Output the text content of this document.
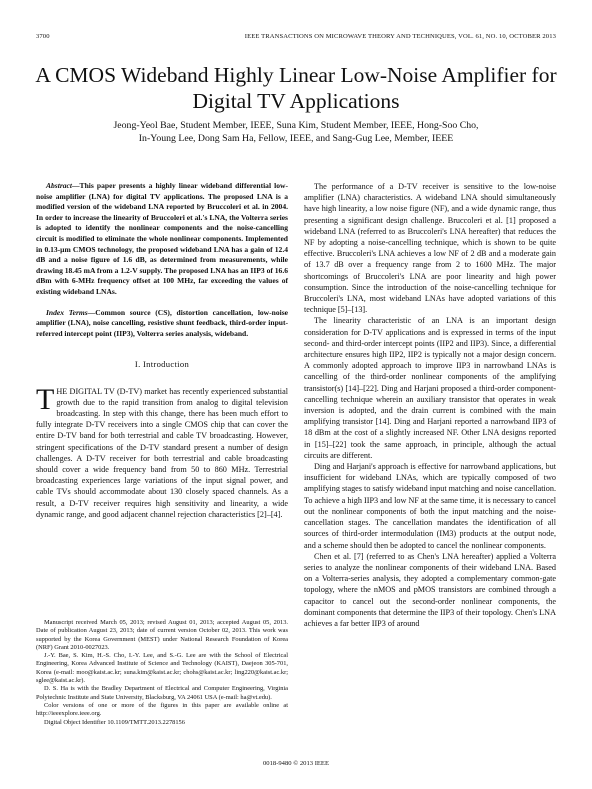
3700	IEEE TRANSACTIONS ON MICROWAVE THEORY AND TECHNIQUES, VOL. 61, NO. 10, OCTOBER 2013
A CMOS Wideband Highly Linear Low-Noise Amplifier for Digital TV Applications
Jeong-Yeol Bae, Student Member, IEEE, Suna Kim, Student Member, IEEE, Hong-Soo Cho,
In-Young Lee, Dong Sam Ha, Fellow, IEEE, and Sang-Gug Lee, Member, IEEE

Abstract—This paper presents a highly linear wideband differential low-noise amplifier (LNA) for digital TV applications. The proposed LNA is a modified version of the wideband LNA reported by Bruccoleri et al. in 2004. In order to increase the linearity of Bruccoleri et al.'s LNA, the Volterra series is adopted to identify the nonlinear components and the noise-cancelling circuit is modified to eliminate the whole nonlinear components. Implemented in 0.13-μm CMOS technology, the proposed wideband LNA has a gain of 12.4 dB and a noise figure of 1.6 dB, as determined from measurements, while drawing 18.45 mA from a 1.2-V supply. The proposed LNA has an IIP3 of 16.6 dBm with 6-MHz frequency offset at 100 MHz, far exceeding the values of existing wideband LNAs.

Index Terms—Common source (CS), distortion cancellation, low-noise amplifier (LNA), noise cancelling, resistive shunt feedback, third-order input-referred intercept point (IIP3), Volterra series analysis, wideband.

I. Introduction

THE DIGITAL TV (D-TV) market has recently experienced substantial growth due to the rapid transition from analog to digital television broadcasting. In step with this change, there has been much effort to fully integrate D-TV receivers into a single CMOS chip that can cover the entire D-TV band for both terrestrial and cable TV broadcasting. However, stringent specifications of the D-TV standard present a number of design challenges. A D-TV receiver for both terrestrial and cable broadcasting should cover a wide frequency band from 50 to 860 MHz. Terrestrial broadcasting experiences large variations of the input signal power, and cable TVs should accommodate about 130 closely spaced channels. As a result, a D-TV receiver requires high sensitivity and linearity, a wide dynamic range, and good adjacent channel rejection characteristics [2]–[4].

Manuscript received March 05, 2013; revised August 01, 2013; accepted August 05, 2013. Date of publication August 23, 2013; date of current version October 02, 2013. This work was supported by the Korea Government (MEST) under National Research Foundation of Korea (NRF) Grant 2010-0027023.

J.-Y. Bae, S. Kim, H.-S. Cho, I.-Y. Lee, and S.-G. Lee are with the School of Electrical Engineering, Korea Advanced Institute of Science and Technology (KAIST), Daejeon 305-701, Korea (e-mail: moo@kaist.ac.kr; suna.kim@kaist.ac.kr; chohs@kaist.ac.kr; ling220@kaist.ac.kr; sglee@kaist.ac.kr).

D. S. Ha is with the Bradley Department of Electrical and Computer Engineering, Virginia Polytechnic Institute and State University, Blacksburg, VA 24061 USA (e-mail: ha@vt.edu).

Color versions of one or more of the figures in this paper are available online at http://ieeexplore.ieee.org.

Digital Object Identifier 10.1109/TMTT.2013.2278156

The performance of a D-TV receiver is sensitive to the low-noise amplifier (LNA) characteristics. A wideband LNA should simultaneously have high linearity, a low noise figure (NF), and a wide dynamic range, thus presenting a significant design challenge. Bruccoleri et al. [1] proposed a wideband LNA (referred to as Bruccoleri's LNA hereafter) that reduces the NF by adopting a noise-cancelling technique, which is shown to be quite effective. Bruccoleri's LNA achieves a low NF of 2 dB and a moderate gain of 13.7 dB over a frequency range from 2 to 1600 MHz. The major shortcomings of Bruccoleri's LNA are poor linearity and high power consumption. Since the introduction of the noise-cancelling technique for Bruccoleri's LNA, most wideband LNAs have adopted variations of this technique [5]–[13].

The linearity characteristic of an LNA is an important design consideration for D-TV applications and is expressed in terms of the input second- and third-order intercept points (IIP2 and IIP3). Since, a differential architecture ensures high IIP2, IIP2 is typically not a major design concern. A commonly adopted approach to improve IIP3 in narrowband LNAs is cancelling of the third-order nonlinear components of the amplifying transistor(s) [14]–[22]. Ding and Harjani proposed a third-order component-cancelling technique wherein an auxiliary transistor that operates in weak inversion is adopted, and the drain current is combined with the main amplifying transistor [14]. Ding and Harjani reported a narrowband IIP3 of 18 dBm at the cost of a slightly increased NF. Other LNA designs reported in [15]–[22] took the same approach, in principle, although the actual circuits are different.

Ding and Harjani's approach is effective for narrowband applications, but insufficient for wideband LNAs, which are typically composed of two amplifying stages to satisfy wideband input matching and noise cancellation. To achieve a high IIP3 and low NF at the same time, it is necessary to cancel out the nonlinear components of both the input matching and the noise-cancellation stages. The cancellation mandates the identification of all sources of third-order intermodulation (IM3) products at the output node, and a scheme should then be adopted to cancel the nonlinear components.

Chen et al. [7] (referred to as Chen's LNA hereafter) applied a Volterra series to analyze the nonlinear components of their wideband LNA. Based on a Volterra-series analysis, they adopted a complementary common-gate topology, where the nMOS and pMOS transistors are combined through a capacitor to cancel out the second-order nonlinear components, the dominant components that determine the IIP3 of their topology. Chen's LNA achieves a far better IIP3 of around

0018-9480 © 2013 IEEE
